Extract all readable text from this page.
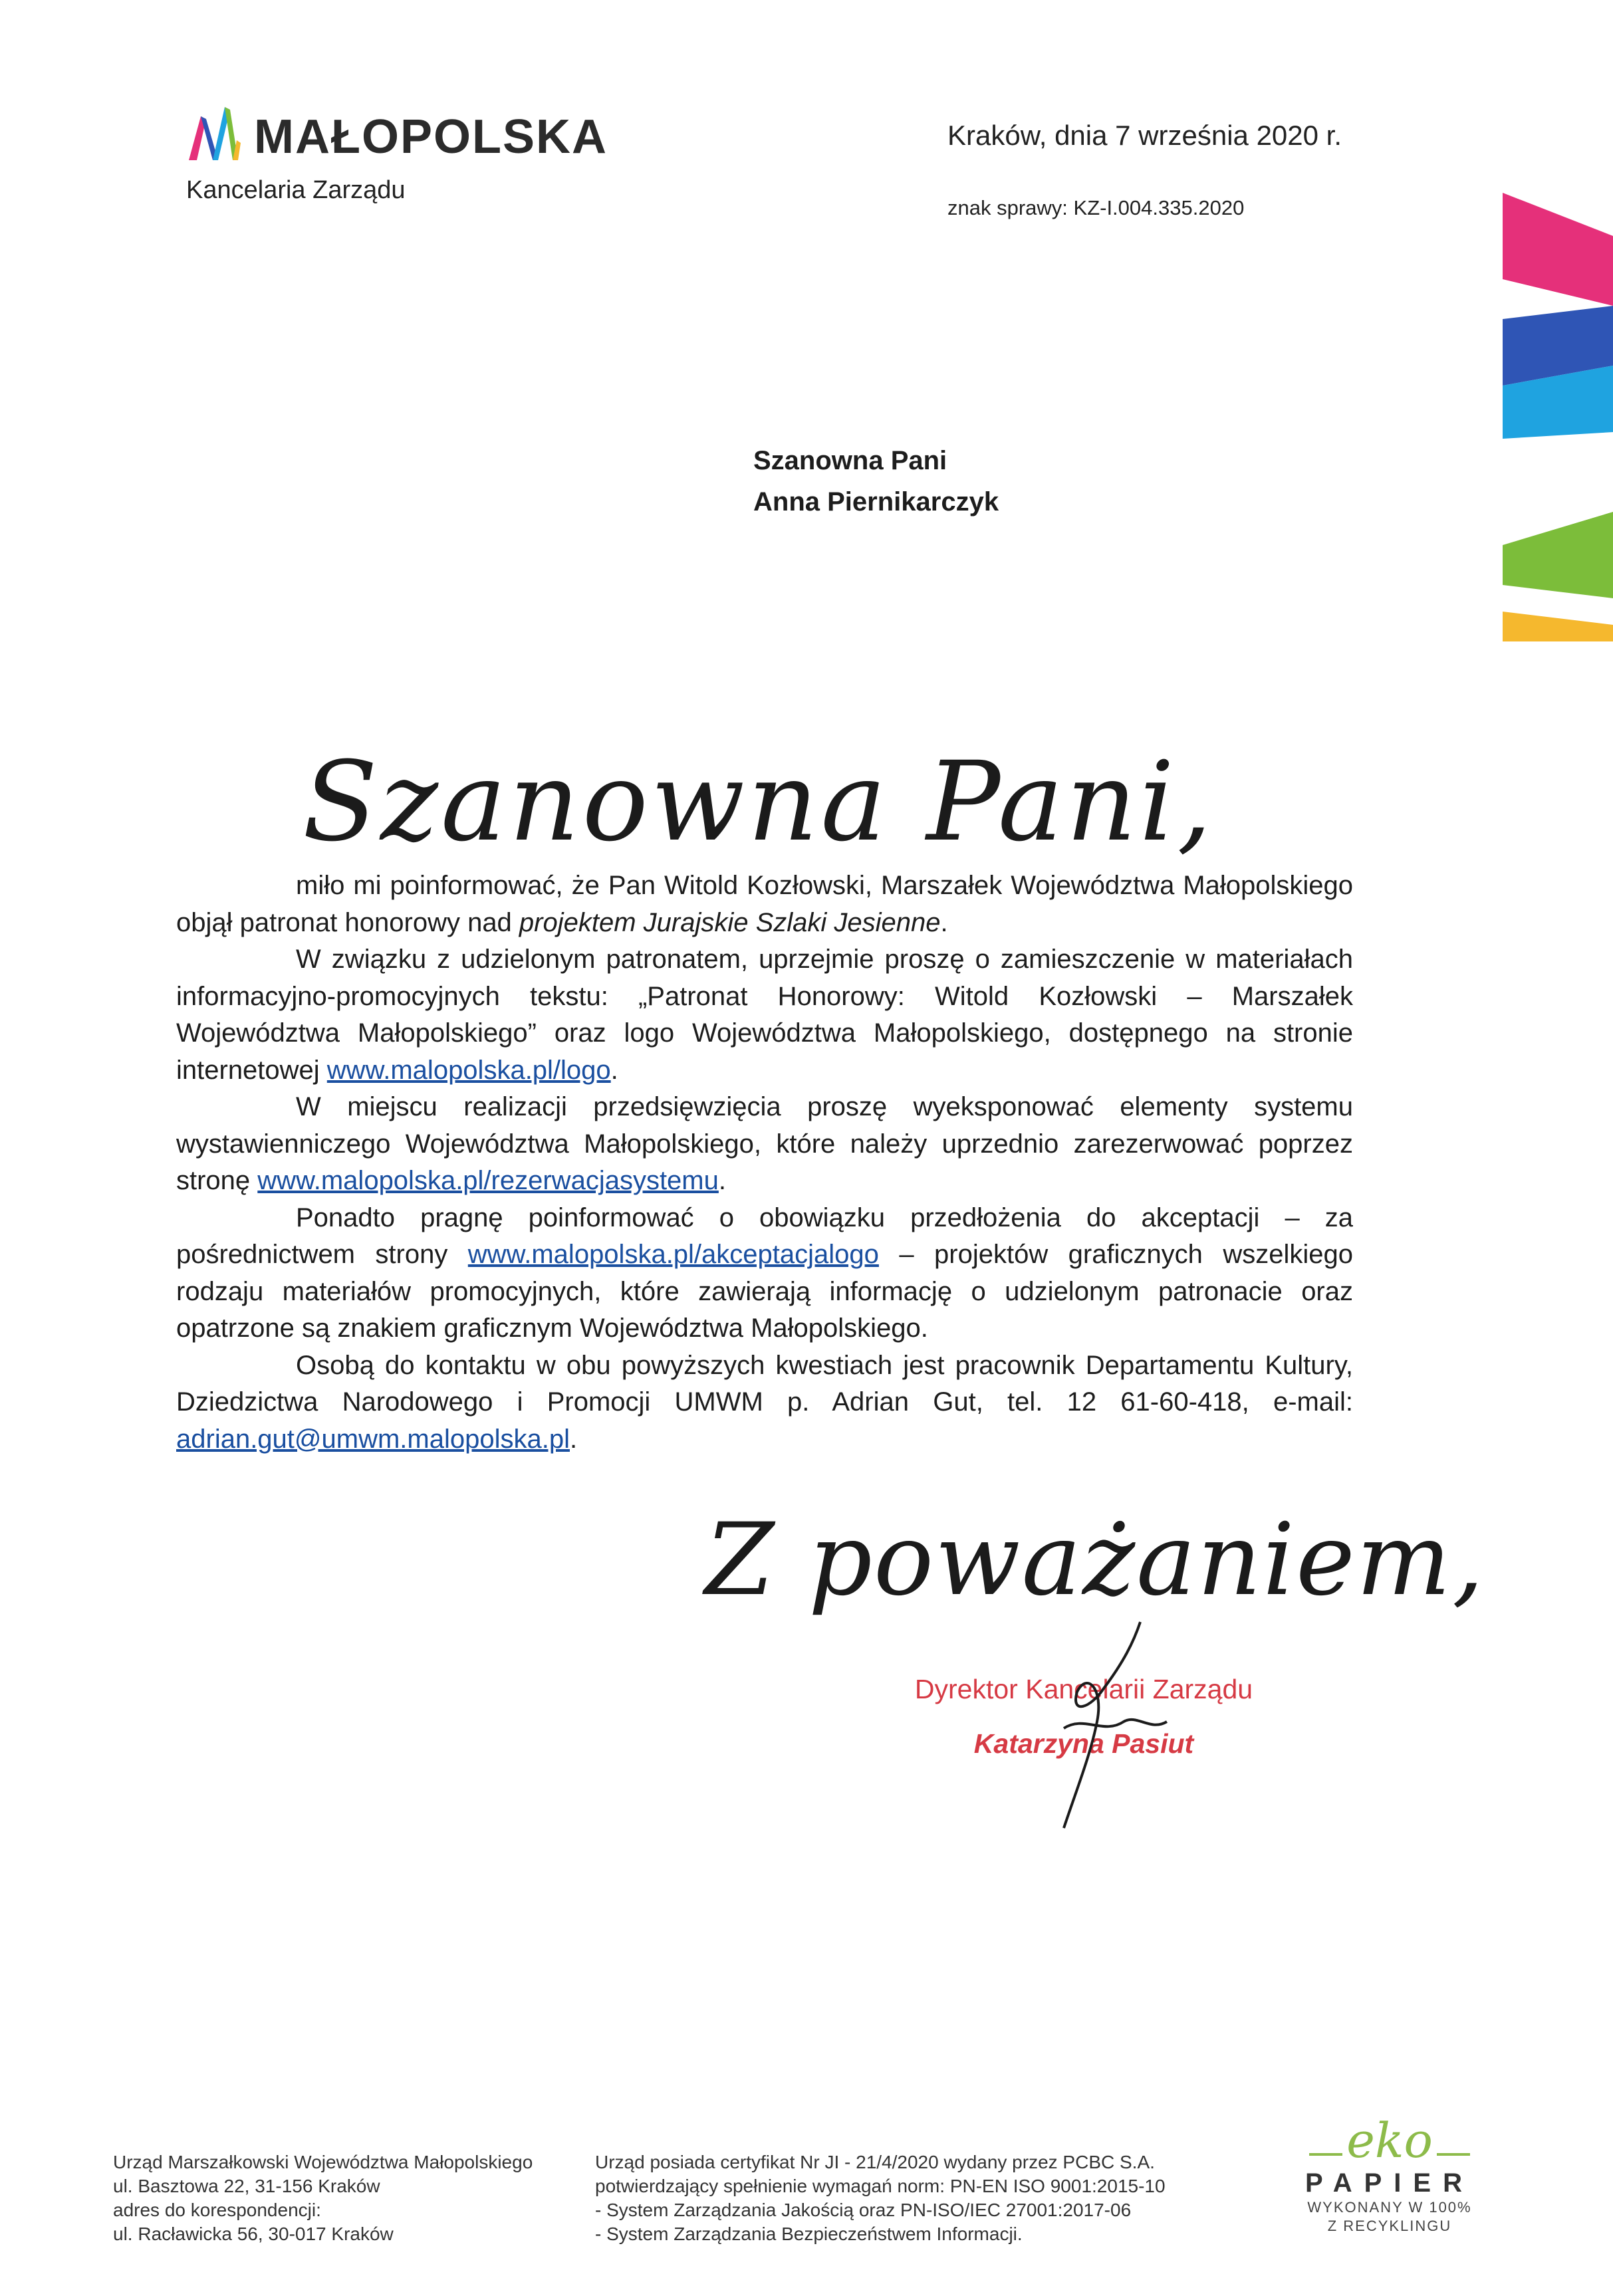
MAŁOPOLSKA
Kancelaria Zarządu
Kraków, dnia 7 września 2020 r.
znak sprawy: KZ-I.004.335.2020
Szanowna Pani
Anna Piernikarczyk
Szanowna Pani,

miło mi poinformować, że Pan Witold Kozłowski, Marszałek Województwa Małopolskiego objął patronat honorowy nad projektem Jurajskie Szlaki Jesienne.

W związku z udzielonym patronatem, uprzejmie proszę o zamieszczenie w materiałach informacyjno-promocyjnych tekstu: „Patronat Honorowy: Witold Kozłowski – Marszałek Województwa Małopolskiego” oraz logo Województwa Małopolskiego, dostępnego na stronie internetowej www.malopolska.pl/logo.

W miejscu realizacji przedsięwzięcia proszę wyeksponować elementy systemu wystawienniczego Województwa Małopolskiego, które należy uprzednio zarezerwować poprzez stronę www.malopolska.pl/rezerwacjasystemu.

Ponadto pragnę poinformować o obowiązku przedłożenia do akceptacji – za pośrednictwem strony www.malopolska.pl/akceptacjalogo – projektów graficznych wszelkiego rodzaju materiałów promocyjnych, które zawierają informację o udzielonym patronacie oraz opatrzone są znakiem graficznym Województwa Małopolskiego.

Osobą do kontaktu w obu powyższych kwestiach jest pracownik Departamentu Kultury, Dziedzictwa Narodowego i Promocji UMWM p. Adrian Gut, tel. 12 61-60-418, e-mail: adrian.gut@umwm.malopolska.pl.

Z poważaniem,
Dyrektor Kancelarii Zarządu
Katarzyna Pasiut
Urząd Marszałkowski Województwa Małopolskiego
ul. Basztowa 22, 31-156 Kraków
adres do korespondencji:
ul. Racławicka 56, 30-017 Kraków
Urząd posiada certyfikat Nr JI - 21/4/2020 wydany przez PCBC S.A.
potwierdzający spełnienie wymagań norm: PN-EN ISO 9001:2015-10
- System Zarządzania Jakością oraz PN-ISO/IEC 27001:2017-06
- System Zarządzania Bezpieczeństwem Informacji.
eko
PAPIER
WYKONANY W 100%
Z RECYKLINGU
